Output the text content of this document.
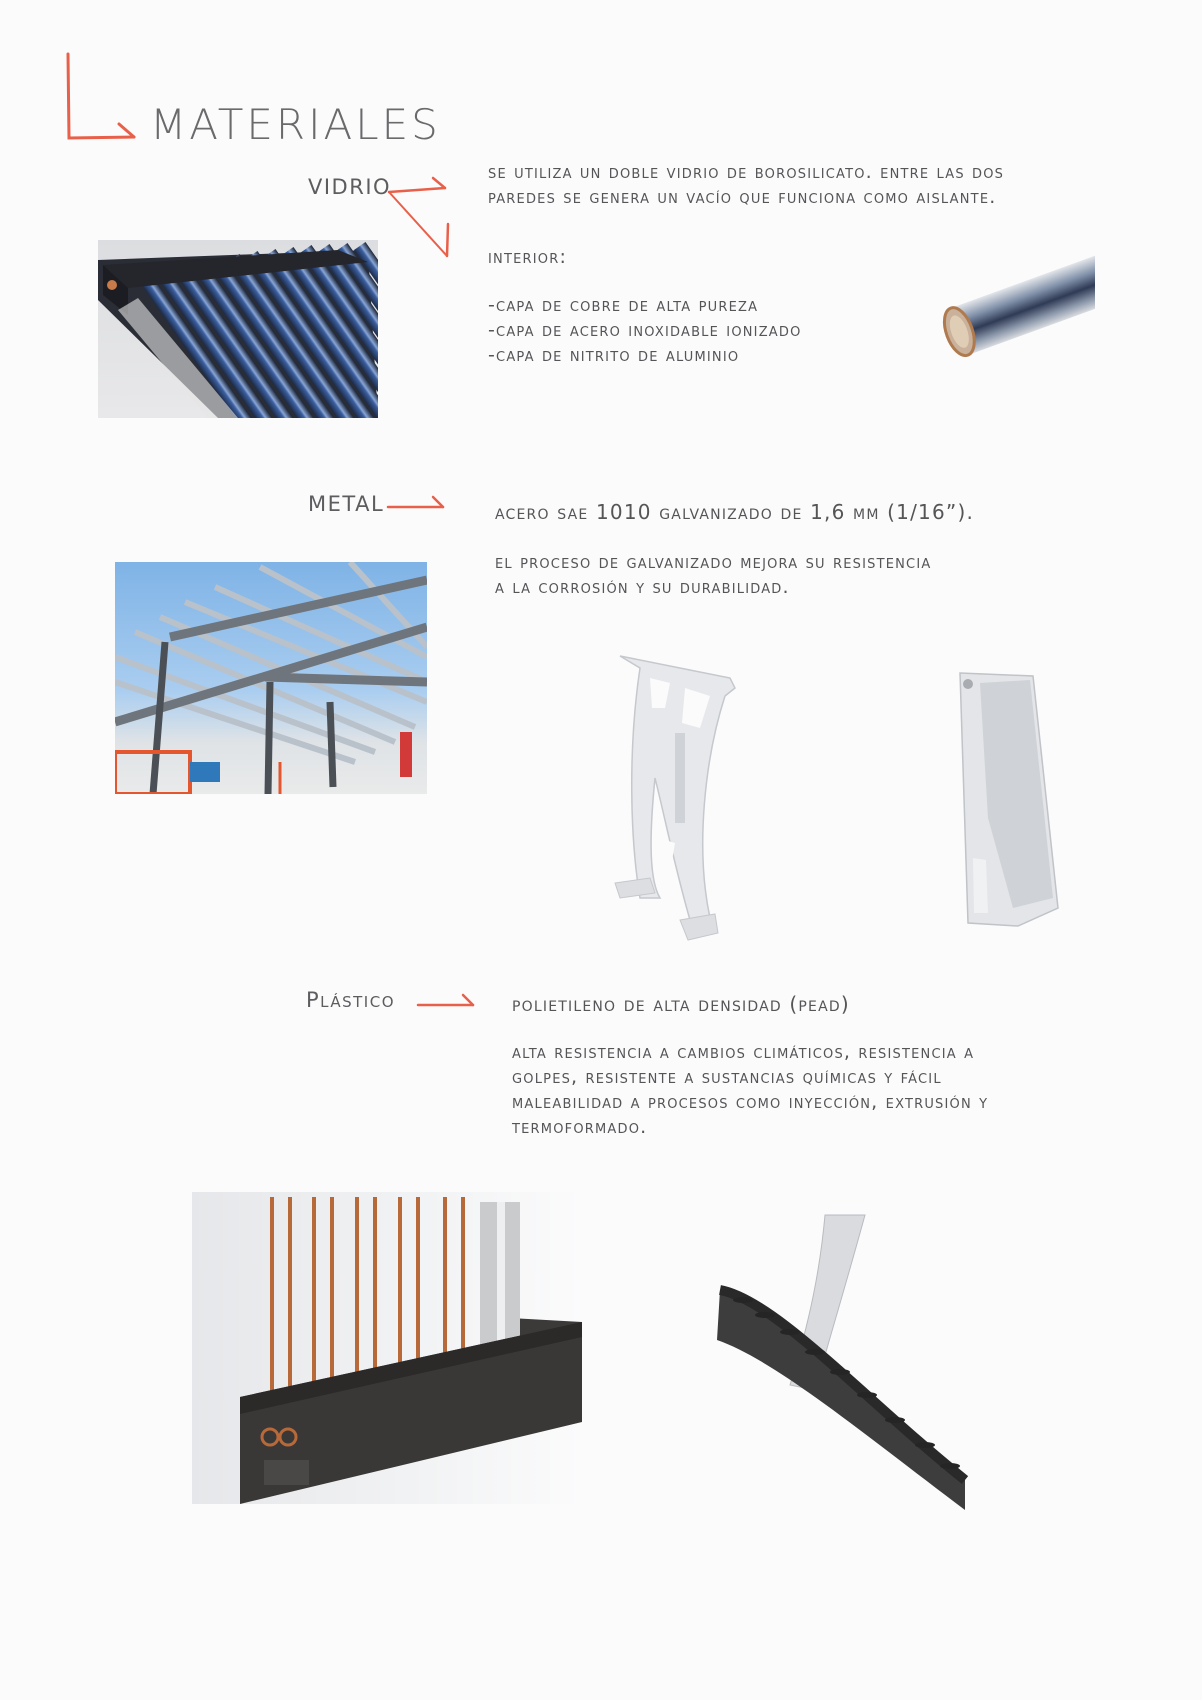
MATERIALES
VIDRIO
se utiliza un doble vidrio de borosilicato. entre las dos
paredes se genera un vacío que funciona como aislante.
interior:
-capa de cobre de alta pureza
-capa de acero inoxidable ionizado
-capa de nitrito de aluminio
METAL	acero sae 1010 galvanizado de 1,6 mm (1/16”).
el proceso de galvanizado mejora su resistencia
a la corrosión y su durabilidad.
Plástico	polietileno de alta densidad (pead)
alta resistencia a cambios climáticos, resistencia a
golpes, resistente a sustancias químicas y fácil
maleabilidad a procesos como inyección, extrusión y
termoformado.
